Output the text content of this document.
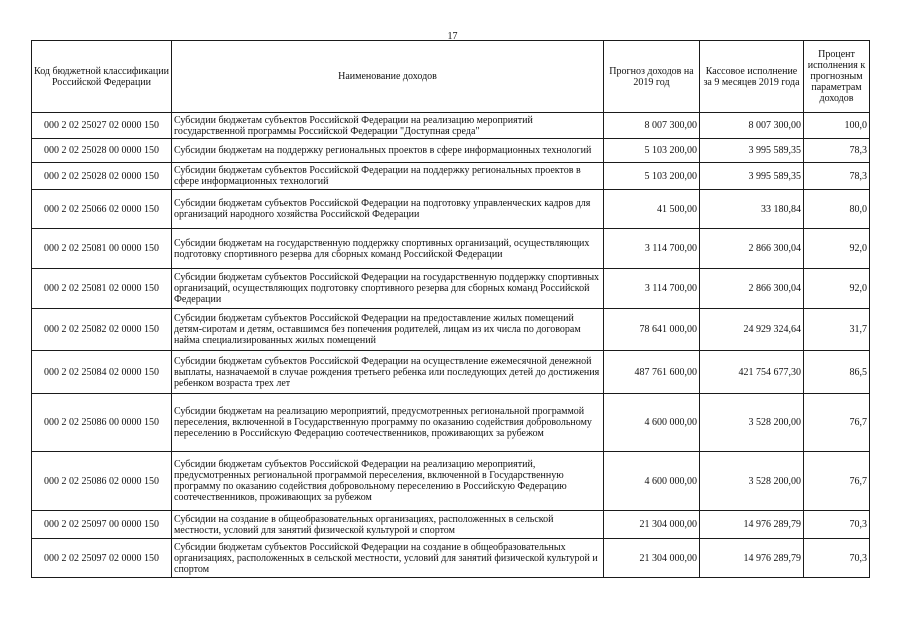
17
Код бюджетной классификации Российской Федерации	Наименование доходов	Прогноз доходов на 2019 год	Кассовое исполнение за 9 месяцев 2019 года	Процент исполнения к прогнозным параметрам доходов
000 2 02 25027 02 0000 150	Субсидии бюджетам субъектов Российской Федерации на реализацию мероприятий государственной программы Российской Федерации "Доступная среда"	8 007 300,00	8 007 300,00	100,0
000 2 02 25028 00 0000 150	Субсидии бюджетам на поддержку региональных проектов в сфере информационных технологий	5 103 200,00	3 995 589,35	78,3
000 2 02 25028 02 0000 150	Субсидии бюджетам субъектов Российской Федерации на поддержку региональных проектов в сфере информационных технологий	5 103 200,00	3 995 589,35	78,3
000 2 02 25066 02 0000 150	Субсидии бюджетам субъектов Российской Федерации на подготовку управленческих кадров для организаций народного хозяйства Российской Федерации	41 500,00	33 180,84	80,0
000 2 02 25081 00 0000 150	Субсидии бюджетам на государственную поддержку спортивных организаций, осуществляющих подготовку спортивного резерва для сборных команд Российской Федерации	3 114 700,00	2 866 300,04	92,0
000 2 02 25081 02 0000 150	Субсидии бюджетам субъектов Российской Федерации на государственную поддержку спортивных организаций, осуществляющих подготовку спортивного резерва для сборных команд Российской Федерации	3 114 700,00	2 866 300,04	92,0
000 2 02 25082 02 0000 150	Субсидии бюджетам субъектов Российской Федерации на предоставление жилых помещений детям-сиротам и детям, оставшимся без попечения родителей, лицам из их числа по договорам найма специализированных жилых помещений	78 641 000,00	24 929 324,64	31,7
000 2 02 25084 02 0000 150	Субсидии бюджетам субъектов Российской Федерации на осуществление ежемесячной денежной выплаты, назначаемой в случае рождения третьего ребенка или последующих детей до достижения ребенком возраста трех лет	487 761 600,00	421 754 677,30	86,5
000 2 02 25086 00 0000 150	Субсидии бюджетам на реализацию мероприятий, предусмотренных региональной программой переселения, включенной в Государственную программу по оказанию содействия добровольному переселению в Российскую Федерацию соотечественников, проживающих за рубежом	4 600 000,00	3 528 200,00	76,7
000 2 02 25086 02 0000 150	Субсидии бюджетам субъектов Российской Федерации на реализацию мероприятий, предусмотренных региональной программой переселения, включенной в Государственную программу по оказанию содействия добровольному переселению в Российскую Федерацию соотечественников, проживающих за рубежом	4 600 000,00	3 528 200,00	76,7
000 2 02 25097 00 0000 150	Субсидии на создание в общеобразовательных организациях, расположенных в сельской местности, условий для занятий физической культурой и спортом	21 304 000,00	14 976 289,79	70,3
000 2 02 25097 02 0000 150	Субсидии бюджетам субъектов Российской Федерации на создание в общеобразовательных организациях, расположенных в сельской местности, условий для занятий физической культурой и спортом	21 304 000,00	14 976 289,79	70,3
